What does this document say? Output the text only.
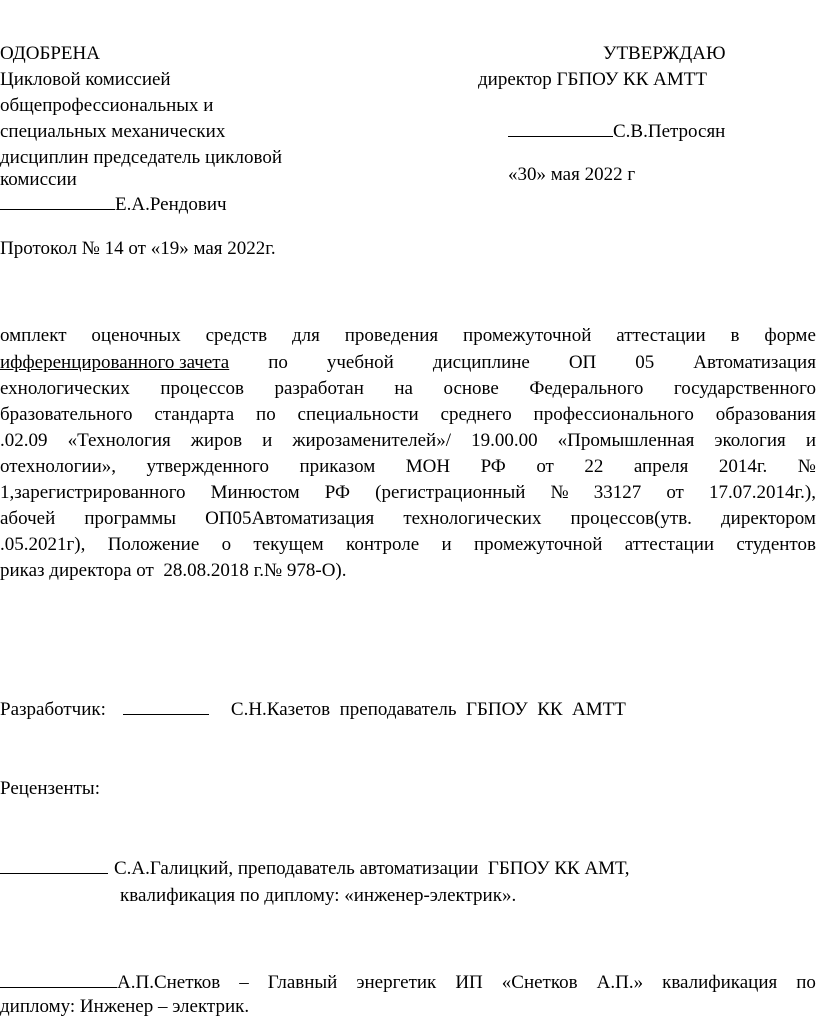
ОДОБРЕНА
Цикловой комиссией
общепрофессиональных и
специальных механических
дисциплин председатель цикловой
комиссии
Е.А.Рендович
Протокол № 14 от «19» мая 2022г.
УТВЕРЖДАЮ
директор ГБПОУ КК АМТТ
С.В.Петросян
«30» мая 2022 г
омплект оценочных средств для проведения промежуточной аттестации в форме
ифференцированного зачета по учебной дисциплине ОП 05 Автоматизация
ехнологических процессов разработан на основе Федерального государственного
бразовательного стандарта по специальности среднего профессионального образования
.02.09 «Технология жиров и жирозаменителей»/ 19.00.00 «Промышленная экология и
отехнологии», утвержденного приказом МОН РФ от 22 апреля 2014г. №
1,зарегистрированного Минюстом РФ (регистрационный № 33127 от 17.07.2014г.),
абочей программы ОП05Автоматизация технологических процессов(утв. директором
.05.2021г), Положение о текущем контроле и промежуточной аттестации студентов
риказ директора от  28.08.2018 г.№ 978-О).
Разработчик:	С.Н.Казетов  преподаватель  ГБПОУ  КК  АМТТ
Рецензенты:
С.А.Галицкий, преподаватель автоматизации  ГБПОУ КК АМТ,
квалификация по диплому: «инженер-электрик».
А.П.Снетков – Главный энергетик ИП «Снетков А.П.» квалификация по
диплому: Инженер – электрик.
